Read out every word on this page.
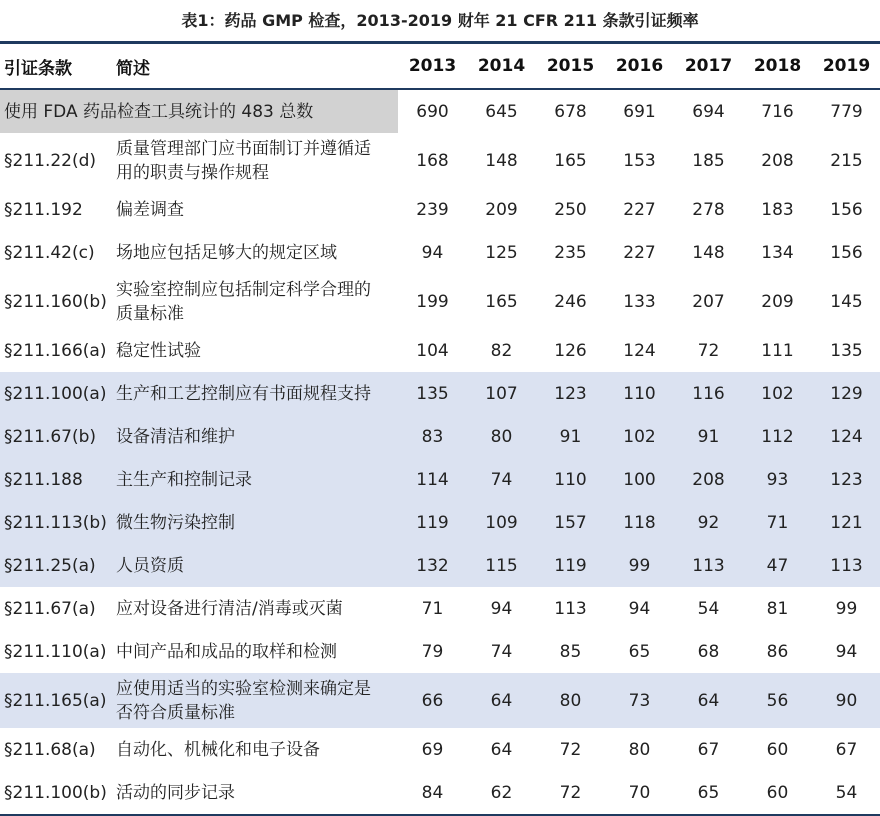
表1：药品 GMP 检查，2013-2019 财年 21 CFR 211 条款引证频率
引证条款	简述	2013	2014	2015	2016	2017	2018	2019
使用 FDA 药品检查工具统计的 483 总数		690	645	678	691	694	716	779
§211.22(d)	质量管理部门应书面制订并遵循适
用的职责与操作规程	168	148	165	153	185	208	215
§211.192	偏差调查	239	209	250	227	278	183	156
§211.42(c)	场地应包括足够大的规定区域	94	125	235	227	148	134	156
§211.160(b)	实验室控制应包括制定科学合理的
质量标准	199	165	246	133	207	209	145
§211.166(a)	稳定性试验	104	82	126	124	72	111	135
§211.100(a)	生产和工艺控制应有书面规程支持	135	107	123	110	116	102	129
§211.67(b)	设备清洁和维护	83	80	91	102	91	112	124
§211.188	主生产和控制记录	114	74	110	100	208	93	123
§211.113(b)	微生物污染控制	119	109	157	118	92	71	121
§211.25(a)	人员资质	132	115	119	99	113	47	113
§211.67(a)	应对设备进行清洁/消毒或灭菌	71	94	113	94	54	81	99
§211.110(a)	中间产品和成品的取样和检测	79	74	85	65	68	86	94
§211.165(a)	应使用适当的实验室检测来确定是
否符合质量标准	66	64	80	73	64	56	90
§211.68(a)	自动化、机械化和电子设备	69	64	72	80	67	60	67
§211.100(b)	活动的同步记录	84	62	72	70	65	60	54
